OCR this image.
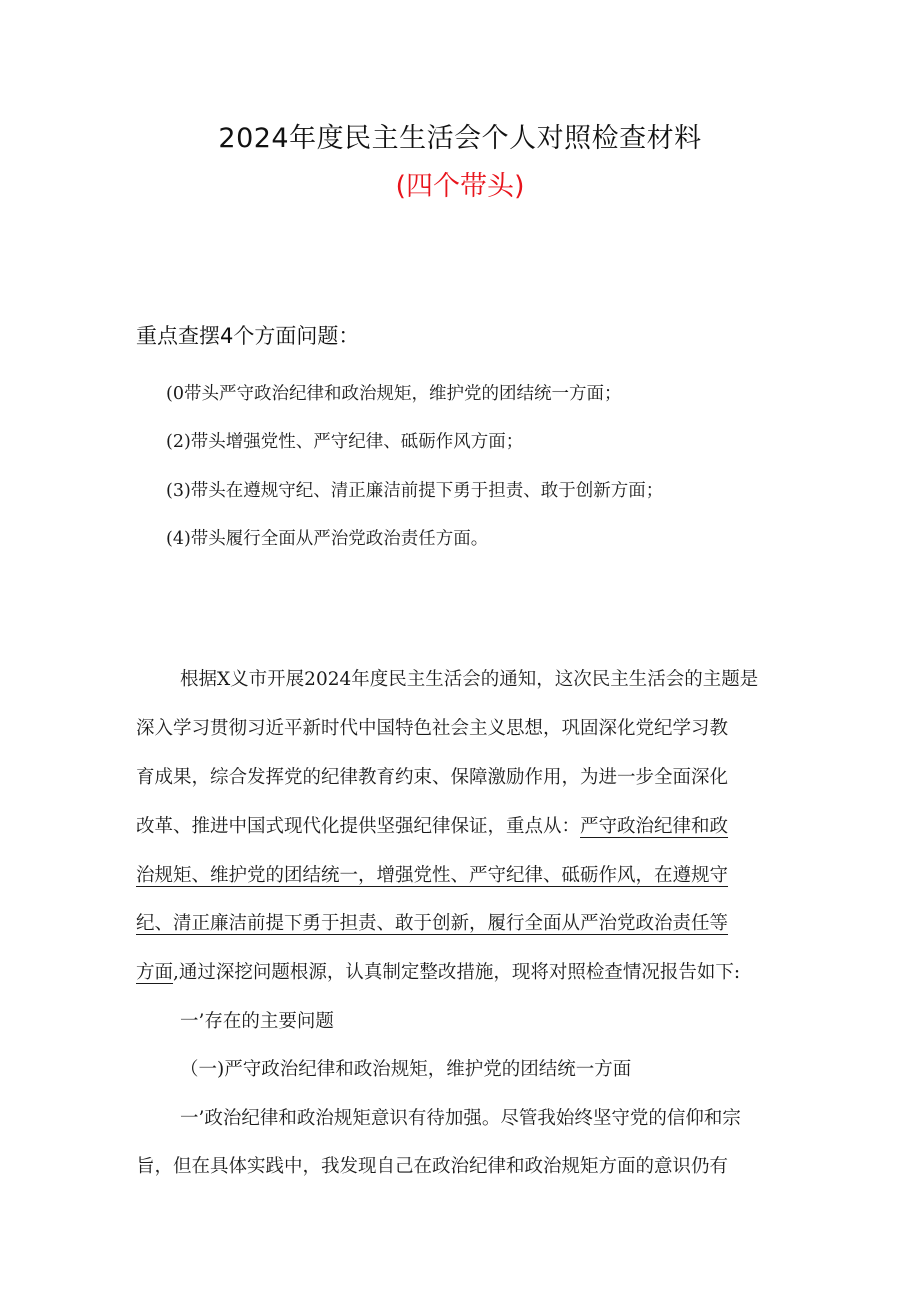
2024年度民主生活会个人对照检查材料
(四个带头)
重点查摆4个方面问题：
(0带头严守政治纪律和政治规矩，维护党的团结统一方面；
(2)带头增强党性、严守纪律、砥砺作风方面；
(3)带头在遵规守纪、清正廉洁前提下勇于担责、敢于创新方面；
(4)带头履行全面从严治党政治责任方面。
根据X义市开展2024年度民主生活会的通知，这次民主生活会的主题是
深入学习贯彻习近平新时代中国特色社会主义思想，巩固深化党纪学习教
育成果，综合发挥党的纪律教育约束、保障激励作用，为进一步全面深化
改革、推进中国式现代化提供坚强纪律保证，重点从：严守政治纪律和政
治规矩、维护党的团结统一，增强党性、严守纪律、砥砺作风，在遵规守
纪、清正廉洁前提下勇于担责、敢于创新，履行全面从严治党政治责任等
方面,通过深挖问题根源，认真制定整改措施，现将对照检查情况报告如下:
一’存在的主要问题
（一)严守政治纪律和政治规矩，维护党的团结统一方面
一’政治纪律和政治规矩意识有待加强。尽管我始终坚守党的信仰和宗
旨，但在具体实践中，我发现自己在政治纪律和政治规矩方面的意识仍有
